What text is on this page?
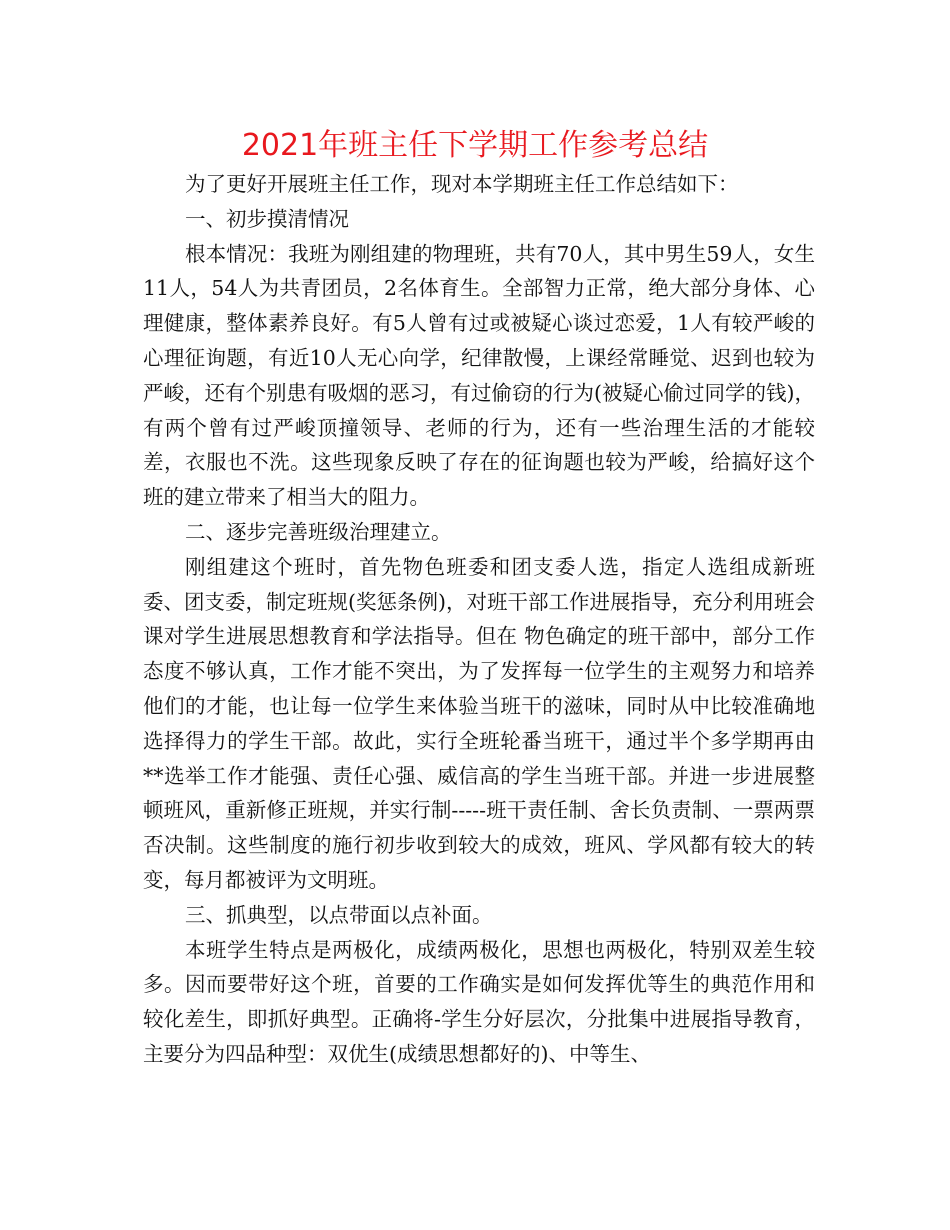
2021年班主任下学期工作参考总结

为了更好开展班主任工作，现对本学期班主任工作总结如下：

一、初步摸清情况

根本情况：我班为刚组建的物理班，共有70人，其中男生59人，女生11人，54人为共青团员，2名体育生。全部智力正常，绝大部分身体、心理健康，整体素养良好。有5人曾有过或被疑心谈过恋爱，1人有较严峻的心理征询题，有近10人无心向学，纪律散慢，上课经常睡觉、迟到也较为严峻，还有个别患有吸烟的恶习，有过偷窃的行为(被疑心偷过同学的钱)，有两个曾有过严峻顶撞领导、老师的行为，还有一些治理生活的才能较差，衣服也不洗。这些现象反映了存在的征询题也较为严峻，给搞好这个班的建立带来了相当大的阻力。

二、逐步完善班级治理建立。

刚组建这个班时，首先物色班委和团支委人选，指定人选组成新班委、团支委，制定班规(奖惩条例)，对班干部工作进展指导，充分利用班会课对学生进展思想教育和学法指导。但在 物色确定的班干部中，部分工作态度不够认真，工作才能不突出，为了发挥每一位学生的主观努力和培养他们的才能，也让每一位学生来体验当班干的滋味，同时从中比较准确地选择得力的学生干部。故此，实行全班轮番当班干，通过半个多学期再由**选举工作才能强、责任心强、威信高的学生当班干部。并进一步进展整顿班风，重新修正班规，并实行制-----班干责任制、舍长负责制、一票两票否决制。这些制度的施行初步收到较大的成效，班风、学风都有较大的转变，每月都被评为文明班。

三、抓典型，以点带面以点补面。

本班学生特点是两极化，成绩两极化，思想也两极化，特别双差生较多。因而要带好这个班，首要的工作确实是如何发挥优等生的典范作用和较化差生，即抓好典型。正确将-学生分好层次，分批集中进展指导教育，主要分为四品种型：双优生(成绩思想都好的)、中等生、
